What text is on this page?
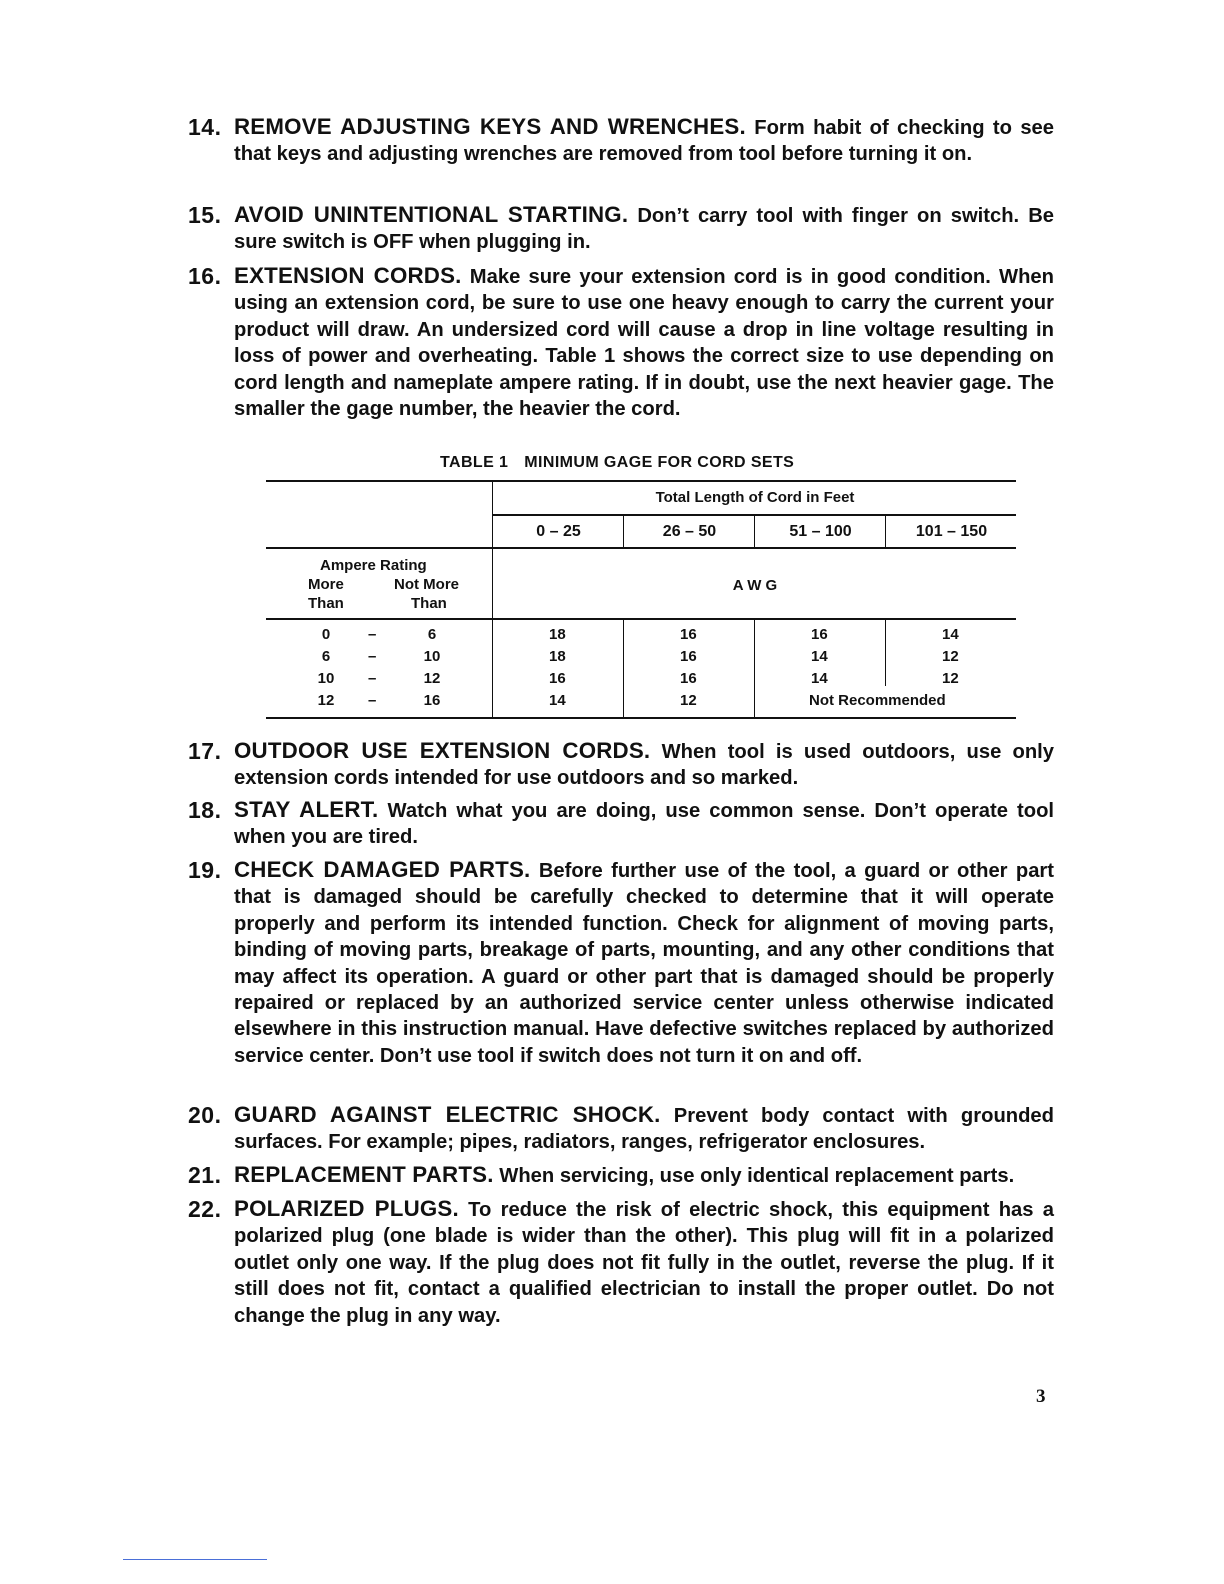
14. REMOVE ADJUSTING KEYS AND WRENCHES. Form habit of checking to see that keys and adjusting wrenches are removed from tool before turning it on.
15. AVOID UNINTENTIONAL STARTING. Don’t carry tool with finger on switch. Be sure switch is OFF when plugging in.
16. EXTENSION CORDS. Make sure your extension cord is in good condition. When using an extension cord, be sure to use one heavy enough to carry the current your product will draw. An undersized cord will cause a drop in line voltage resulting in loss of power and overheating. Table 1 shows the correct size to use depending on cord length and nameplate ampere rating. If in doubt, use the next heavier gage. The smaller the gage number, the heavier the cord.
TABLE 1 MINIMUM GAGE FOR CORD SETS
Total Length of Cord in Feet
0 – 25	26 – 50	51 – 100	101 – 150
Ampere Rating
More	Not More
Than	Than
A W G
0	–	6	18	16	16	14
6	–	10	18	16	14	12
10	–	12	16	16	14	12
12	–	16	14	12	Not Recommended
17. OUTDOOR USE EXTENSION CORDS. When tool is used outdoors, use only extension cords intended for use outdoors and so marked.
18. STAY ALERT. Watch what you are doing, use common sense. Don’t operate tool when you are tired.
19. CHECK DAMAGED PARTS. Before further use of the tool, a guard or other part that is damaged should be carefully checked to determine that it will operate properly and perform its intended function. Check for alignment of moving parts, binding of moving parts, breakage of parts, mounting, and any other conditions that may affect its operation. A guard or other part that is damaged should be properly repaired or replaced by an authorized service center unless otherwise indicated elsewhere in this instruction manual. Have defective switches replaced by authorized service center. Don’t use tool if switch does not turn it on and off.
20. GUARD AGAINST ELECTRIC SHOCK. Prevent body contact with grounded surfaces. For example; pipes, radiators, ranges, refrigerator enclosures.
21. REPLACEMENT PARTS. When servicing, use only identical replacement parts.
22. POLARIZED PLUGS. To reduce the risk of electric shock, this equipment has a polarized plug (one blade is wider than the other). This plug will fit in a polarized outlet only one way. If the plug does not fit fully in the outlet, reverse the plug. If it still does not fit, contact a qualified electrician to install the proper outlet. Do not change the plug in any way.
3
